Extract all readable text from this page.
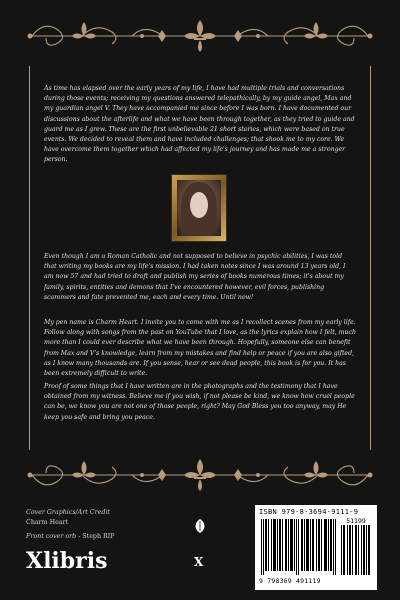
As time has elapsed over the early years of my life, I have had multiple trials and conversations during those events; receiving my questions answered telepathically, by my guide angel, Max and my guardian angel V. They have accompanied me since before I was born. I have documented our discussions about the afterlife and what we have been through together, as they tried to guide and guard me as I grew. These are the first unbelievable 21 short stories, which were based on true events. We decided to reveal them and have included challenges; that shook me to my core. We have overcome them together which had affected my life's journey and has made me a stronger person.

Even though I am a Roman Catholic and not supposed to believe in psychic abilities, I was told that writing my books are my life's mission. I had taken notes since I was around 13 years old, I am now 57 and had tried to draft and publish my series of books numerous times; it's about my family, spirits, entities and demons that I've encountered however, evil forces, publishing scammers and fate prevented me, each and every time. Until now!

My pen name is Charm Heart. I invite you to come with me as I recollect scenes from my early life. Follow along with songs from the past on YouTube that I love, as the lyrics explain how I felt, much more than I could ever describe what we have been through. Hopefully, someone else can benefit from Max and V's knowledge, learn from my mistakes and find help or peace if you are also gifted, as I know many thousands are. If you sense, hear or see dead people, this book is for you. It has been extremely difficult to write.

Proof of some things that I have written are in the photographs and the testimony that I have obtained from my witness. Believe me if you wish, if not please be kind, we know how cruel people can be, we know you are not one of those people, right? May God Bless you too anyway, may He keep you safe and bring you peace.

Cover Graphics/Art Credit
Charm Heart
Front cover orb - Steph RIP
Xlibris	X
ISBN 979-8-3694-9111-9
51199
9 798369 491119
